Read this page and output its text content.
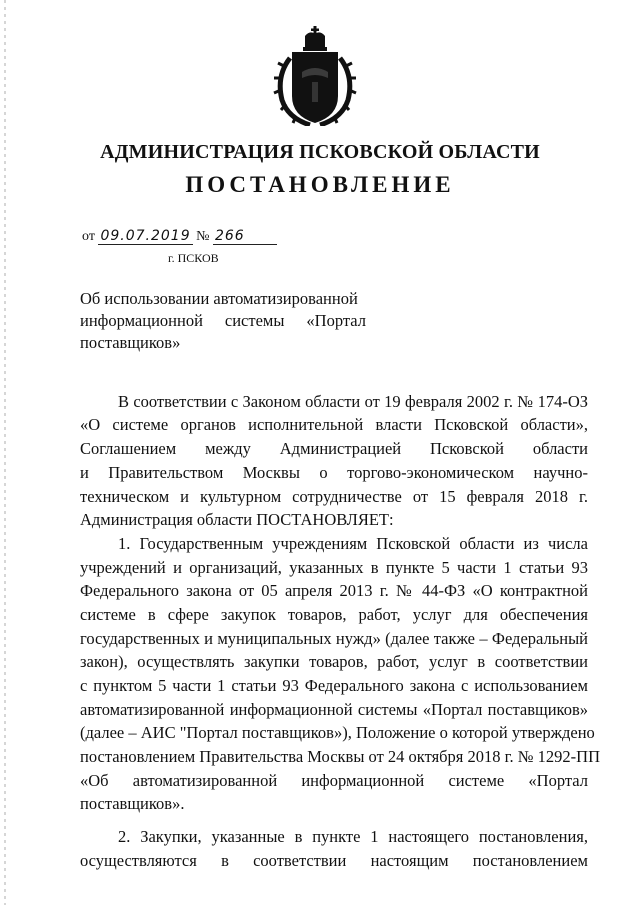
АДМИНИСТРАЦИЯ ПСКОВСКОЙ ОБЛАСТИ
ПОСТАНОВЛЕНИЕ
от 09.07.2019 № 266
г. ПСКОВ
Об использовании автоматизированной
информационной системы «Портал
поставщиков»
В соответствии с Законом области от 19 февраля 2002 г. № 174-ОЗ
«О системе органов исполнительной власти Псковской области»,
Соглашением между Администрацией Псковской области
и Правительством Москвы о торгово-экономическом научно-
техническом и культурном сотрудничестве от 15 февраля 2018 г.
Администрация области ПОСТАНОВЛЯЕТ:
1. Государственным учреждениям Псковской области из числа
учреждений и организаций, указанных в пункте 5 части 1 статьи 93
Федерального закона от 05 апреля 2013 г. № 44-ФЗ «О контрактной
системе в сфере закупок товаров, работ, услуг для обеспечения
государственных и муниципальных нужд» (далее также – Федеральный
закон), осуществлять закупки товаров, работ, услуг в соответствии
с пунктом 5 части 1 статьи 93 Федерального закона с использованием
автоматизированной информационной системы «Портал поставщиков»
(далее – АИС "Портал поставщиков»), Положение о которой утверждено
постановлением Правительства Москвы от 24 октября 2018 г. № 1292-ПП
«Об автоматизированной информационной системе «Портал
поставщиков».
2. Закупки, указанные в пункте 1 настоящего постановления,
осуществляются в соответствии настоящим постановлением
